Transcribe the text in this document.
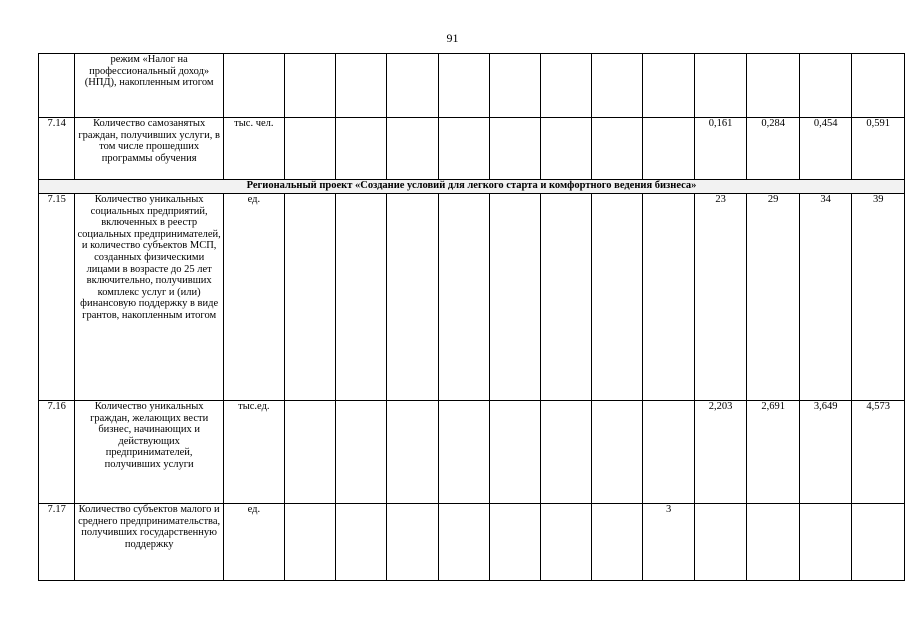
91
	режим «Налог на профессиональный доход» (НПД), накопленным итогом													
7.14	Количество самозанятых граждан, получивших услуги, в том числе прошедших программы обучения	тыс. чел.									0,161	0,284	0,454	0,591
Региональный проект «Создание условий для легкого старта и комфортного ведения бизнеса»														
7.15	Количество уникальных социальных предприятий, включенных в реестр социальных предпринимателей, и количество субъектов МСП, созданных физическими лицами в возрасте до 25 лет включительно, получивших комплекс услуг и (или) финансовую поддержку в виде грантов, накопленным итогом	ед.									23	29	34	39
7.16	Количество уникальных граждан, желающих вести бизнес, начинающих и действующих предпринимателей, получивших услуги	тыс.ед.									2,203	2,691	3,649	4,573
7.17	Количество субъектов малого и среднего предпринимательства, получивших государственную поддержку	ед.								3				
